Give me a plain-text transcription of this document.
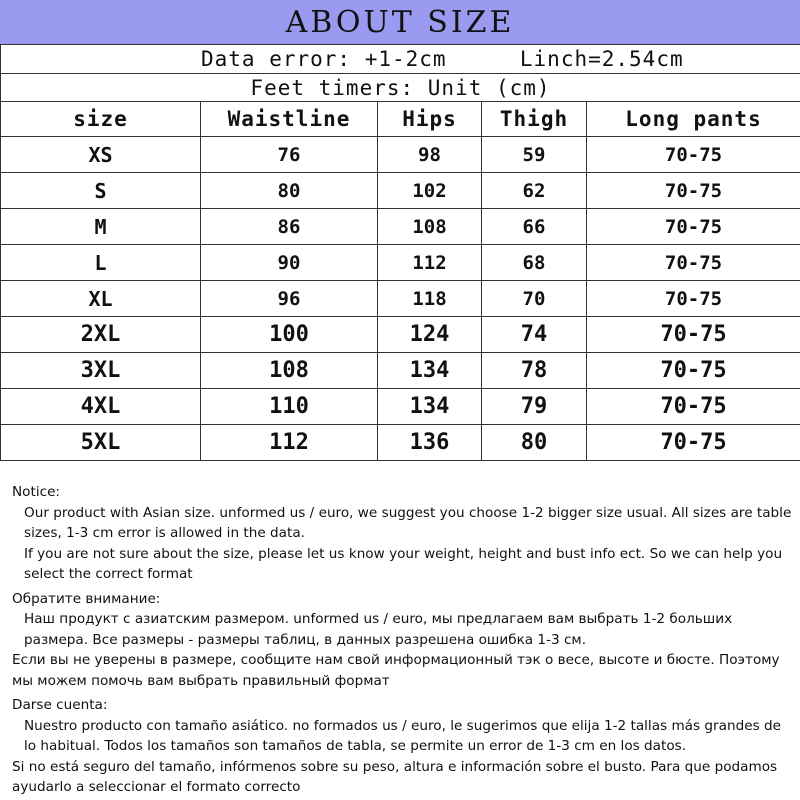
ABOUT SIZE
Data error: +1-2cm Linch=2.54cm				
Feet timers: Unit (cm)				
size	Waistline	Hips	Thigh	Long pants
XS	76	98	59	70-75
S	80	102	62	70-75
M	86	108	66	70-75
L	90	112	68	70-75
XL	96	118	70	70-75
2XL	100	124	74	70-75
3XL	108	134	78	70-75
4XL	110	134	79	70-75
5XL	112	136	80	70-75

Notice:

Our product with Asian size. unformed us / euro, we suggest you choose 1-2 bigger size usual. All sizes are table sizes, 1-3 cm error is allowed in the data.

If you are not sure about the size, please let us know your weight, height and bust info ect. So we can help you select the correct format

Обратите внимание:

Наш продукт с азиатским размером. unformed us / euro, мы предлагаем вам выбрать 1-2 больших размера. Все размеры - размеры таблиц, в данных разрешена ошибка 1-3 см.

Если вы не уверены в размере, сообщите нам свой информационный тэк о весе, высоте и бюсте. Поэтому мы можем помочь вам выбрать правильный формат

Darse cuenta:

Nuestro producto con tamaño asiático. no formados us / euro, le sugerimos que elija 1-2 tallas más grandes de lo habitual. Todos los tamaños son tamaños de tabla, se permite un error de 1-3 cm en los datos.

Si no está seguro del tamaño, infórmenos sobre su peso, altura e información sobre el busto. Para que podamos ayudarlo a seleccionar el formato correcto
